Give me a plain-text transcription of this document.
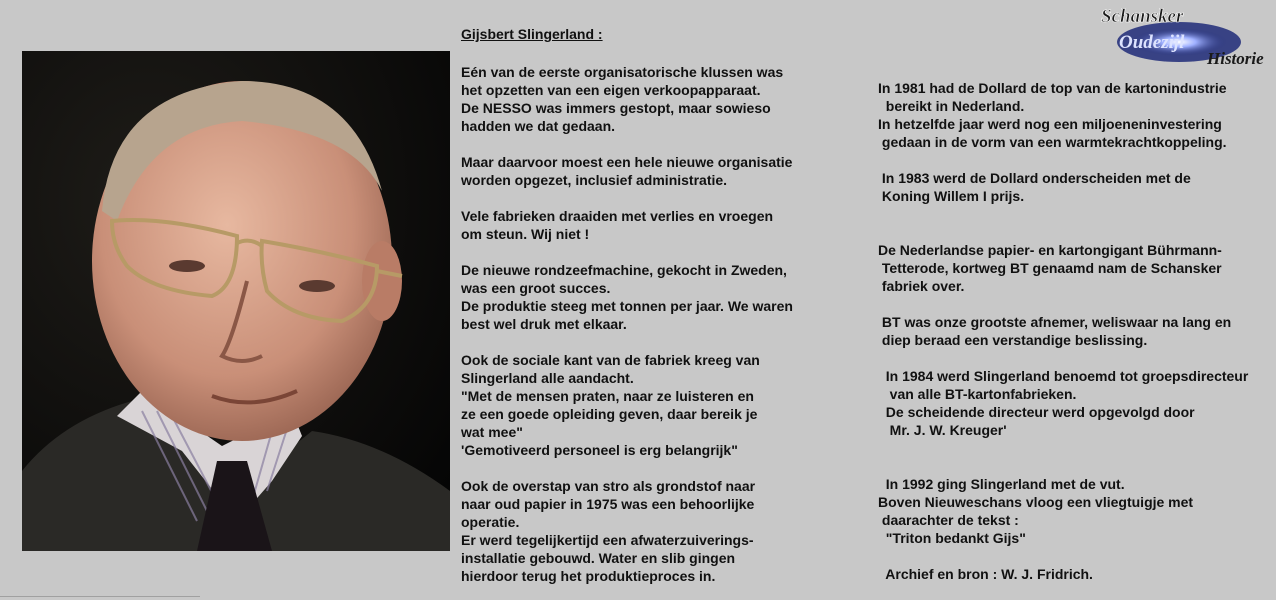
Gijsbert Slingerland :
Eén van de eerste organisatorische klussen was
het opzetten van een eigen verkoopapparaat.
De NESSO was immers gestopt, maar sowieso
hadden we dat gedaan.
Maar daarvoor moest een hele nieuwe organisatie
worden opgezet, inclusief administratie.
Vele fabrieken draaiden met verlies en vroegen
om steun. Wij niet !
De nieuwe rondzeefmachine, gekocht in Zweden,
was een groot succes.
De produktie steeg met tonnen per jaar. We waren
best wel druk met elkaar.
Ook de sociale kant van de fabriek kreeg van
Slingerland alle aandacht.
"Met de mensen praten, naar ze luisteren en
ze een goede opleiding geven, daar bereik je
wat mee"
'Gemotiveerd personeel is erg belangrijk"
Ook de overstap van stro als grondstof naar
naar oud papier in 1975 was een behoorlijke
operatie.
Er werd tegelijkertijd een afwaterzuiverings-
installatie gebouwd. Water en slib gingen
hierdoor terug het produktieproces in.
In 1981 had de Dollard de top van de kartonindustrie
bereikt in Nederland.
In hetzelfde jaar werd nog een miljoeneninvestering
gedaan in de vorm van een warmtekrachtkoppeling.
In 1983 werd de Dollard onderscheiden met de
Koning Willem I prijs.
De Nederlandse papier- en kartongigant Bührmann-
Tetterode, kortweg BT genaamd nam de Schansker
fabriek over.
BT was onze grootste afnemer, weliswaar na lang en
diep beraad een verstandige beslissing.
In 1984 werd Slingerland benoemd tot groepsdirecteur
van alle BT-kartonfabrieken.
De scheidende directeur werd opgevolgd door
Mr. J. W. Kreuger'
In 1992 ging Slingerland met de vut.
Boven Nieuweschans vloog een vliegtuigje met
daarachter de tekst :
"Triton bedankt Gijs"
Archief en bron : W. J. Fridrich.
Schansker
Oudezijl
Historie
